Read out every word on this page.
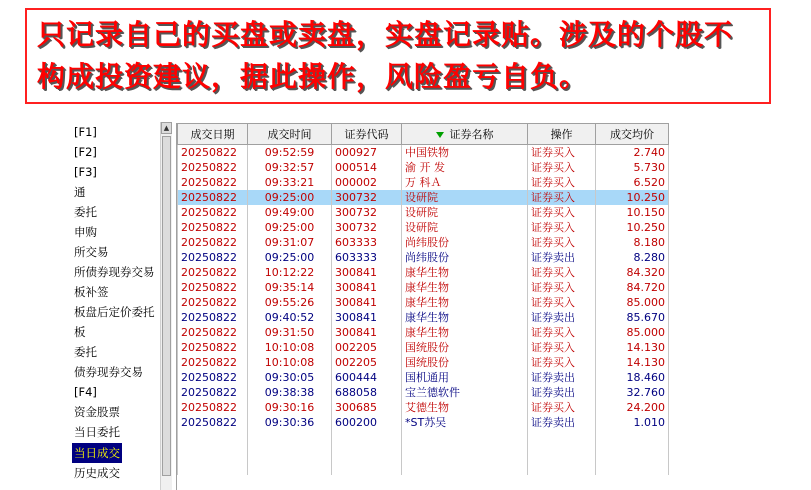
只记录自己的买盘或卖盘，实盘记录贴。涉及的个股不构成投资建议，据此操作，风险盈亏自负。
[F1]
[F2]
[F3]
通
委托
申购
所交易
所债券现券交易
板补签
板盘后定价委托
板
委托
债券现券交易
[F4]
资金股票
当日委托
当日成交
历史成交
▲ 成交日期	成交时间	证券代码	证券名称	操作	成交均价
20250822	09:52:59	000927	中国铁物	证券买入	2.740
20250822	09:32:57	000514	渝 开 发	证券买入	5.730
20250822	09:33:21	000002	万 科Ａ	证券买入	6.520
20250822	09:25:00	300732	设研院	证券买入	10.250
20250822	09:49:00	300732	设研院	证券买入	10.150
20250822	09:25:00	300732	设研院	证券买入	10.250
20250822	09:31:07	603333	尚纬股份	证券买入	8.180
20250822	09:25:00	603333	尚纬股份	证券卖出	8.280
20250822	10:12:22	300841	康华生物	证券买入	84.320
20250822	09:35:14	300841	康华生物	证券买入	84.720
20250822	09:55:26	300841	康华生物	证券买入	85.000
20250822	09:40:52	300841	康华生物	证券卖出	85.670
20250822	09:31:50	300841	康华生物	证券买入	85.000
20250822	10:10:08	002205	国统股份	证券买入	14.130
20250822	10:10:08	002205	国统股份	证券买入	14.130
20250822	09:30:05	600444	国机通用	证券卖出	18.460
20250822	09:38:38	688058	宝兰德软件	证券卖出	32.760
20250822	09:30:16	300685	艾德生物	证券买入	24.200
20250822	09:30:36	600200	*ST苏吴	证券卖出	1.010
